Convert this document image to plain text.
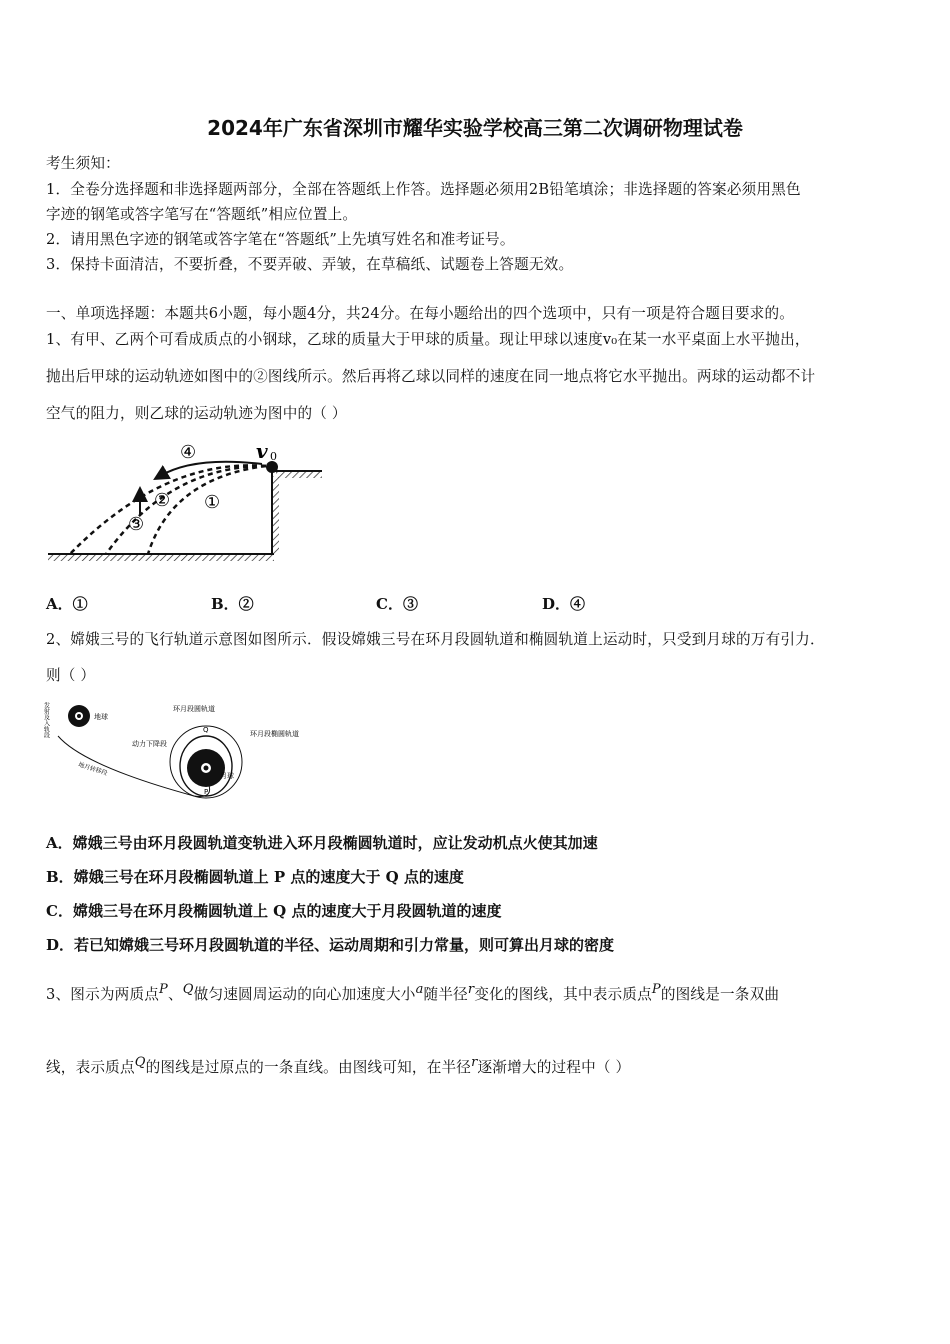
2024年广东省深圳市耀华实验学校高三第二次调研物理试卷
考生须知：
1．全卷分选择题和非选择题两部分，全部在答题纸上作答。选择题必须用2B铅笔填涂；非选择题的答案必须用黑色
字迹的钢笔或答字笔写在“答题纸”相应位置上。
2．请用黑色字迹的钢笔或答字笔在“答题纸”上先填写姓名和准考证号。
3．保持卡面清洁，不要折叠，不要弄破、弄皱，在草稿纸、试题卷上答题无效。
一、单项选择题：本题共6小题，每小题4分，共24分。在每小题给出的四个选项中，只有一项是符合题目要求的。
1、有甲、乙两个可看成质点的小钢球，乙球的质量大于甲球的质量。现让甲球以速度v₀在某一水平桌面上水平抛出，
抛出后甲球的运动轨迹如图中的②图线所示。然后再将乙球以同样的速度在同一地点将它水平抛出。两球的运动都不计
空气的阻力，则乙球的运动轨迹为图中的（ ）
④
② ①
③
v 0
A．①	B．②	C．③	D．④
2、嫦娥三号的飞行轨道示意图如图所示．假设嫦娥三号在环月段圆轨道和椭圆轨道上运动时，只受到月球的万有引力．
则（ ）
地球
发射及入轨段
地月转移段
环月段圆轨道
环月段椭圆轨道
动力下降段
月球
Q
P
A．嫦娥三号由环月段圆轨道变轨进入环月段椭圆轨道时，应让发动机点火使其加速
B．嫦娥三号在环月段椭圆轨道上 P 点的速度大于 Q 点的速度
C．嫦娥三号在环月段椭圆轨道上 Q 点的速度大于月段圆轨道的速度
D．若已知嫦娥三号环月段圆轨道的半径、运动周期和引力常量，则可算出月球的密度
3、图示为两质点$^P$、$^Q$做匀速圆周运动的向心加速度大小$^a$随半径$^r$变化的图线，其中表示质点$^P$的图线是一条双曲
线，表示质点$^Q$的图线是过原点的一条直线。由图线可知，在半径$^r$逐渐增大的过程中（ ）
